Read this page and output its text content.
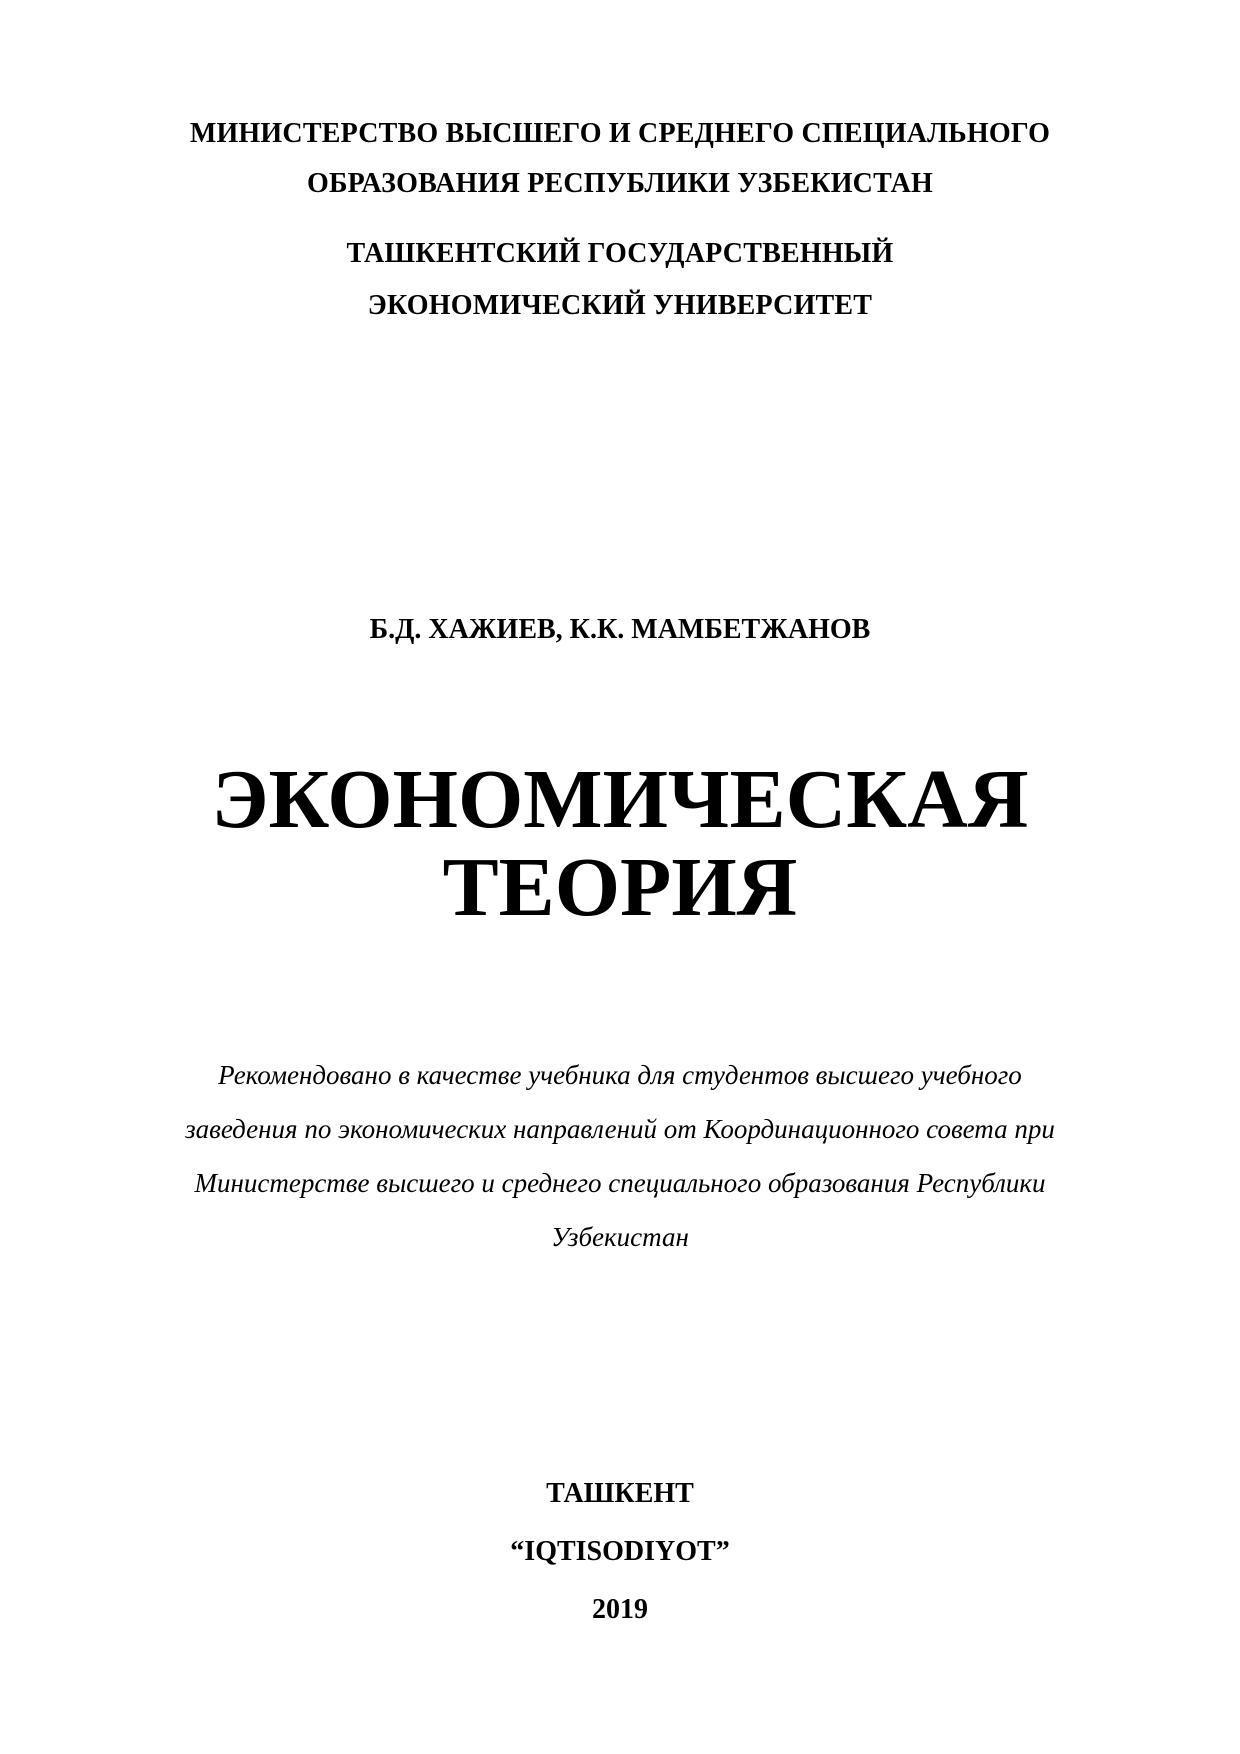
МИНИСТЕРСТВО ВЫСШЕГО И СРЕДНЕГО СПЕЦИАЛЬНОГО

ОБРАЗОВАНИЯ РЕСПУБЛИКИ УЗБЕКИСТАН

ТАШКЕНТСКИЙ ГОСУДАРСТВЕННЫЙ

ЭКОНОМИЧЕСКИЙ УНИВЕРСИТЕТ

Б.Д. ХАЖИЕВ, К.К. МАМБЕТЖАНОВ

ЭКОНОМИЧЕСКАЯ

ТЕОРИЯ

Рекомендовано в качестве учебника для студентов высшего учебного

заведения по экономических направлений от Координационного совета при

Министерстве высшего и среднего специального образования Республики

Узбекистан

ТАШКЕНТ

“IQTISODIYOT”

2019
